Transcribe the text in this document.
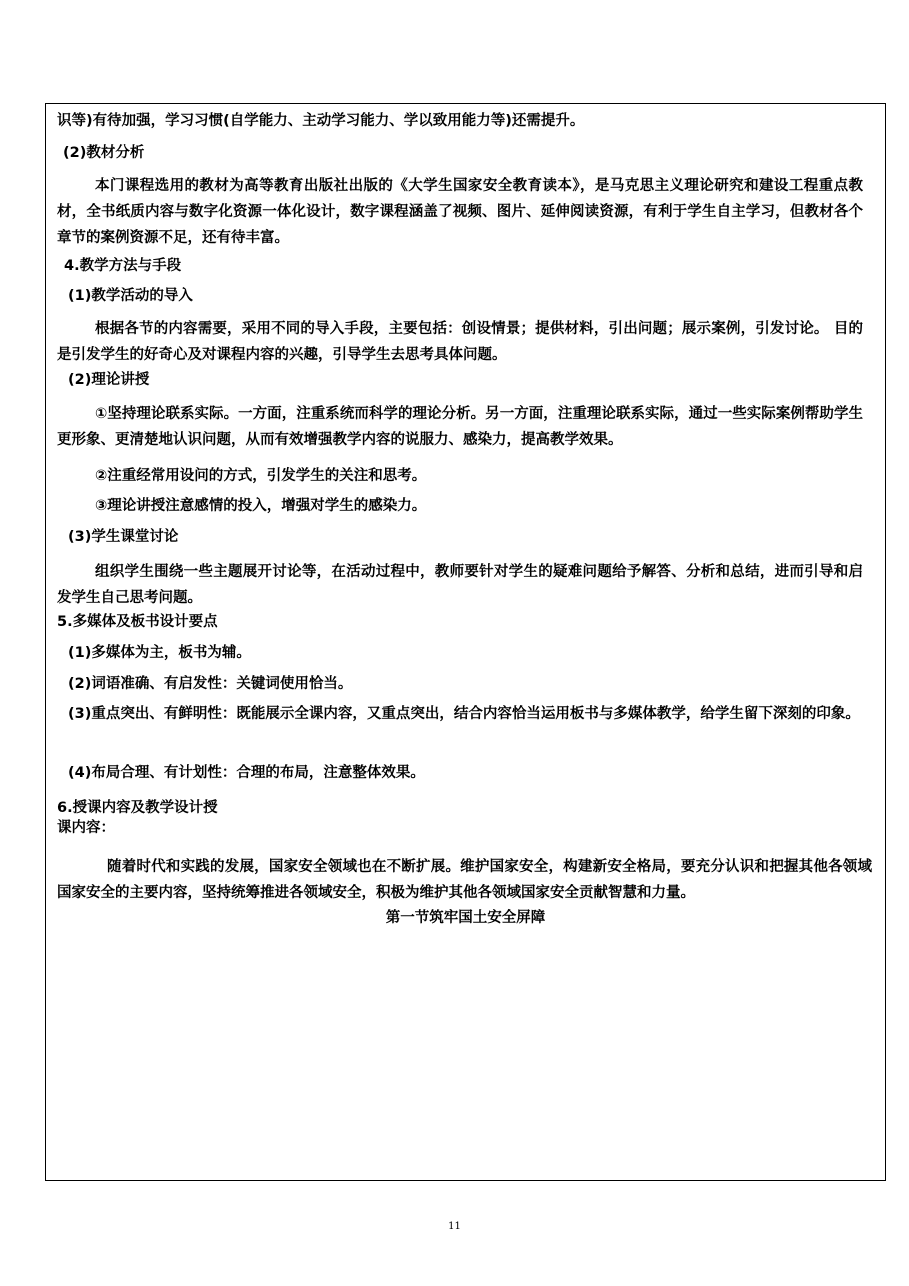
识等)有待加强，学习习惯(自学能力、主动学习能力、学以致用能力等)还需提升。

(2)教材分析

本门课程选用的教材为高等教育出版社出版的《大学生国家安全教育读本》，是马克思主义理论研究和建设工程重点教材，全书纸质内容与数字化资源一体化设计，数字课程涵盖了视频、图片、延伸阅读资源，有利于学生自主学习，但教材各个章节的案例资源不足，还有待丰富。

4.教学方法与手段

(1)教学活动的导入

根据各节的内容需要，采用不同的导入手段，主要包括：创设情景；提供材料，引出问题；展示案例，引发讨论。 目的是引发学生的好奇心及对课程内容的兴趣，引导学生去思考具体问题。

(2)理论讲授

①坚持理论联系实际。一方面，注重系统而科学的理论分析。另一方面，注重理论联系实际，通过一些实际案例帮助学生更形象、更清楚地认识问题，从而有效增强教学内容的说服力、感染力，提高教学效果。

②注重经常用设问的方式，引发学生的关注和思考。

③理论讲授注意感情的投入，增强对学生的感染力。

(3)学生课堂讨论

组织学生围绕一些主题展开讨论等，在活动过程中，教师要针对学生的疑难问题给予解答、分析和总结，进而引导和启发学生自己思考问题。

5.多媒体及板书设计要点

(1)多媒体为主，板书为辅。

(2)词语准确、有启发性：关键词使用恰当。

(3)重点突出、有鲜明性：既能展示全课内容，又重点突出，结合内容恰当运用板书与多媒体教学，给学生留下深刻的印象。

(4)布局合理、有计划性：合理的布局，注意整体效果。

6.授课内容及教学设计授

课内容：

随着时代和实践的发展，国家安全领域也在不断扩展。维护国家安全，构建新安全格局，要充分认识和把握其他各领域国家安全的主要内容，坚持统筹推进各领域安全，积极为维护其他各领域国家安全贡献智慧和力量。

第一节筑牢国土安全屏障

11
